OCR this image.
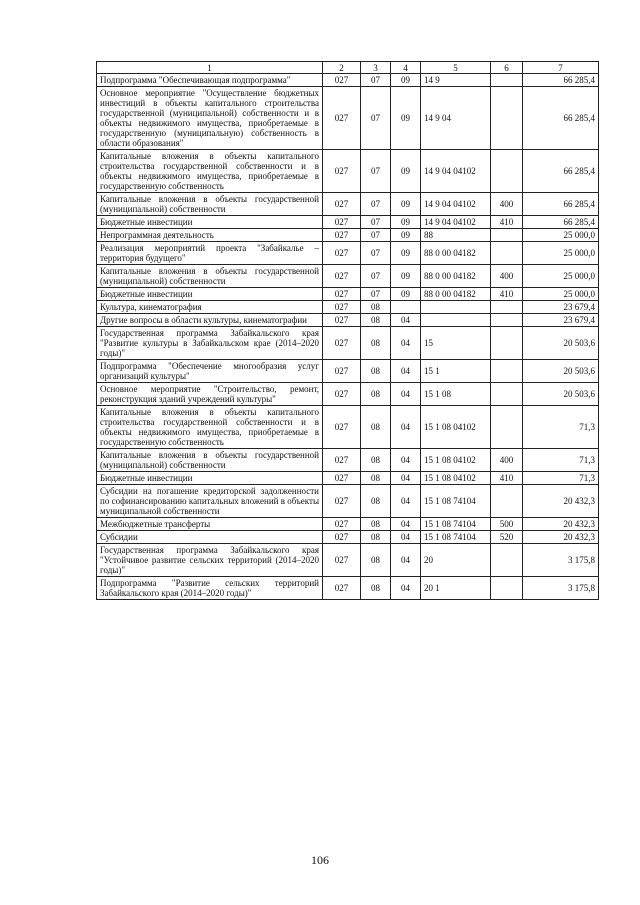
1	2	3	4	5	6	7
Подпрограмма "Обеспечивающая подпрограмма"	027	07	09	14 9		66 285,4
Основное мероприятие "Осуществление бюджетных инвестиций в объекты капитального строительства государственной (муниципальной) собственности и в объекты недвижимого имущества, приобретаемые в государственную (муниципальную) собственность в области образования"	027	07	09	14 9 04		66 285,4
Капитальные вложения в объекты капитального строительства государственной собственности и в объекты недвижимого имущества, приобретаемые в государственную собственность	027	07	09	14 9 04 04102		66 285,4
Капитальные вложения в объекты государственной (муниципальной) собственности	027	07	09	14 9 04 04102	400	66 285,4
Бюджетные инвестиции	027	07	09	14 9 04 04102	410	66 285,4
Непрограммная деятельность	027	07	09	88		25 000,0
Реализация мероприятий проекта "Забайкалье – территория будущего"	027	07	09	88 0 00 04182		25 000,0
Капитальные вложения в объекты государственной (муниципальной) собственности	027	07	09	88 0 00 04182	400	25 000,0
Бюджетные инвестиции	027	07	09	88 0 00 04182	410	25 000,0
Культура, кинематография	027	08				23 679,4
Другие вопросы в области культуры, кинематографии	027	08	04			23 679,4
Государственная программа Забайкальского края "Развитие культуры в Забайкальском крае (2014–2020 годы)"	027	08	04	15		20 503,6
Подпрограмма "Обеспечение многообразия услуг организаций культуры"	027	08	04	15 1		20 503,6
Основное мероприятие "Строительство, ремонт, реконструкция зданий учреждений культуры"	027	08	04	15 1 08		20 503,6
Капитальные вложения в объекты капитального строительства государственной собственности и в объекты недвижимого имущества, приобретаемые в государственную собственность	027	08	04	15 1 08 04102		71,3
Капитальные вложения в объекты государственной (муниципальной) собственности	027	08	04	15 1 08 04102	400	71,3
Бюджетные инвестиции	027	08	04	15 1 08 04102	410	71,3
Субсидии на погашение кредиторской задолженности по софинансированию капитальных вложений в объекты муниципальной собственности	027	08	04	15 1 08 74104		20 432,3
Межбюджетные трансферты	027	08	04	15 1 08 74104	500	20 432,3
Субсидии	027	08	04	15 1 08 74104	520	20 432,3
Государственная программа Забайкальского края "Устойчивое развитие сельских территорий (2014–2020 годы)"	027	08	04	20		3 175,8
Подпрограмма "Развитие сельских территорий Забайкальского края (2014–2020 годы)"	027	08	04	20 1		3 175,8
106
